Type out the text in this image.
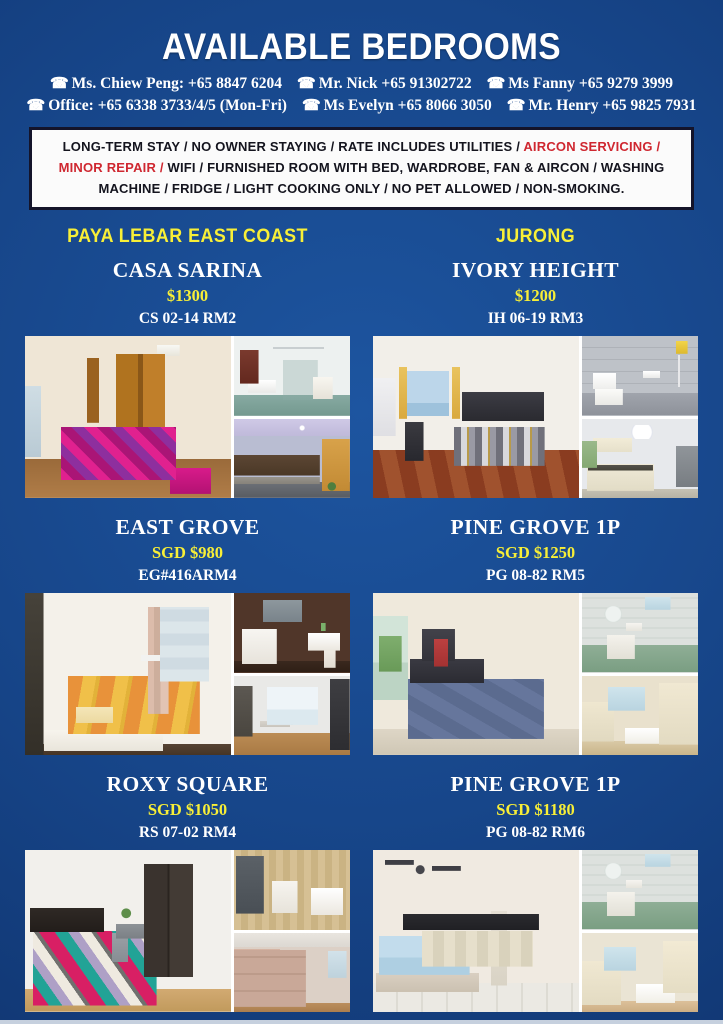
AVAILABLE BEDROOMS
☎ Ms. Chiew Peng: +65 8847 6204 ☎ Mr. Nick +65 91302722 ☎ Ms Fanny +65 9279 3999
☎ Office: +65 6338 3733/4/5 (Mon-Fri) ☎ Ms Evelyn +65 8066 3050 ☎ Mr. Henry +65 9825 7931

LONG-TERM STAY / NO OWNER STAYING / RATE INCLUDES UTILITIES / AIRCON SERVICING / MINOR REPAIR / WIFI / FURNISHED ROOM WITH BED, WARDROBE, FAN & AIRCON / WASHING MACHINE / FRIDGE / LIGHT COOKING ONLY / NO PET ALLOWED / NON-SMOKING.

PAYA LEBAR EAST COAST
CASA SARINA
$1300
CS 02-14 RM2
EAST GROVE
SGD $980
EG#416ARM4
ROXY SQUARE
SGD $1050
RS 07-02 RM4
JURONG
IVORY HEIGHT
$1200
IH 06-19 RM3
PINE GROVE 1P
SGD $1250
PG 08-82 RM5
PINE GROVE 1P
SGD $1180
PG 08-82 RM6
